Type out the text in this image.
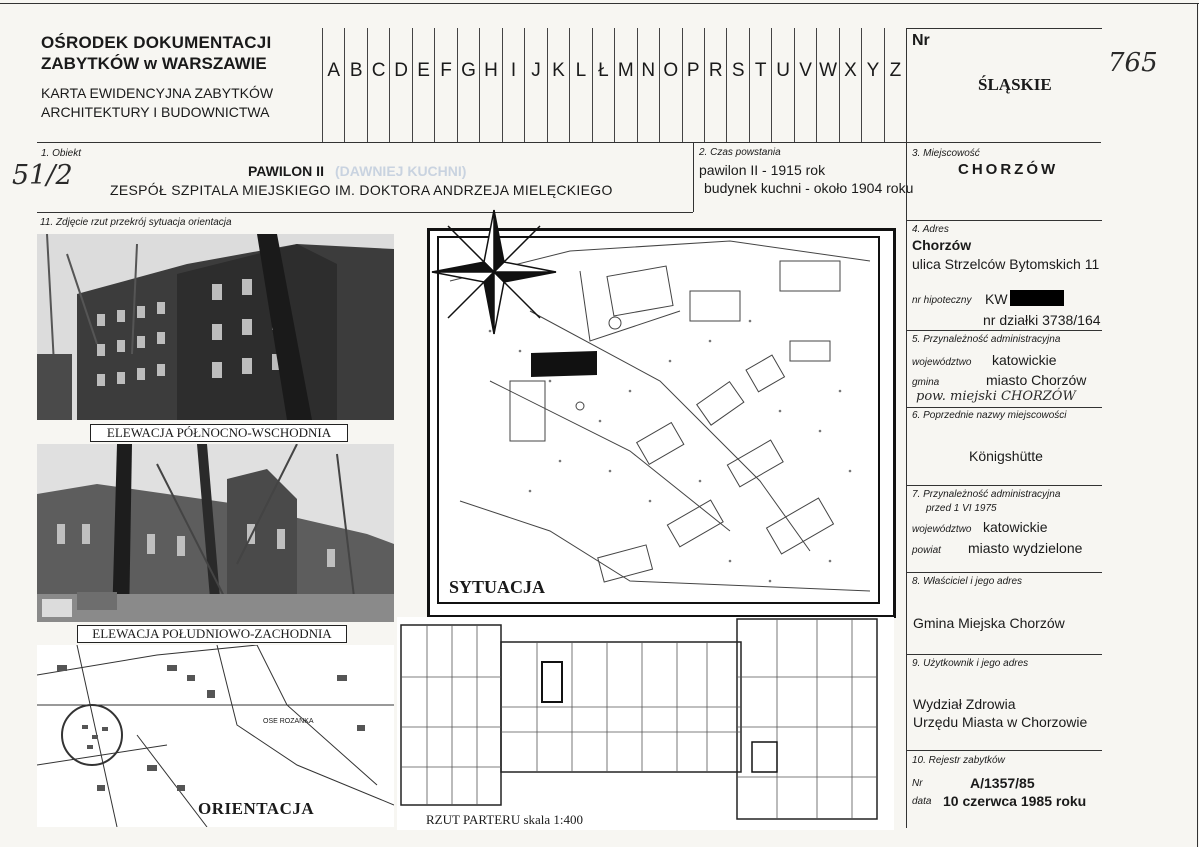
OŚRODEK DOKUMENTACJI
ZABYTKÓW w WARSZAWIE
KARTA EWIDENCYJNA ZABYTKÓW
ARCHITEKTURY I BUDOWNICTWA
A B C D E F G H I J K L Ł M N O P R S T U V W X Y Z
Nr
ŚLĄSKIE
765
1. Obiekt
51/2	PAWILON II (DAWNIEJ KUCHNI)
ZESPÓŁ SZPITALA MIEJSKIEGO IM. DOKTORA ANDRZEJA MIELĘCKIEGO
2. Czas powstania
pawilon II - 1915 rok
budynek kuchni - około 1904 roku
3. Miejscowość
CHORZÓW
4. Adres
Chorzów
ulica Strzelców Bytomskich 11
nr hipoteczny KW
nr działki 3738/164
5. Przynależność administracyjna
województwo katowickie
gmina	miasto Chorzów
pow. miejski CHORZÓW
6. Poprzednie nazwy miejscowości
Königshütte
7. Przynależność administracyjna
przed 1 VI 1975
województwo katowickie
powiat miasto wydzielone
8. Właściciel i jego adres
Gmina Miejska Chorzów
9. Użytkownik i jego adres
Wydział Zdrowia
Urzędu Miasta w Chorzowie
10. Rejestr zabytków
Nr	A/1357/85
data 10 czerwca 1985 roku
11. Zdjęcie rzut przekrój sytuacja orientacja
ELEWACJA PÓŁNOCNO-WSCHODNIA
ELEWACJA POŁUDNIOWO-ZACHODNIA
SYTUACJA
OSE ROZANKA
ORIENTACJA
RZUT PARTERU skala 1:400
